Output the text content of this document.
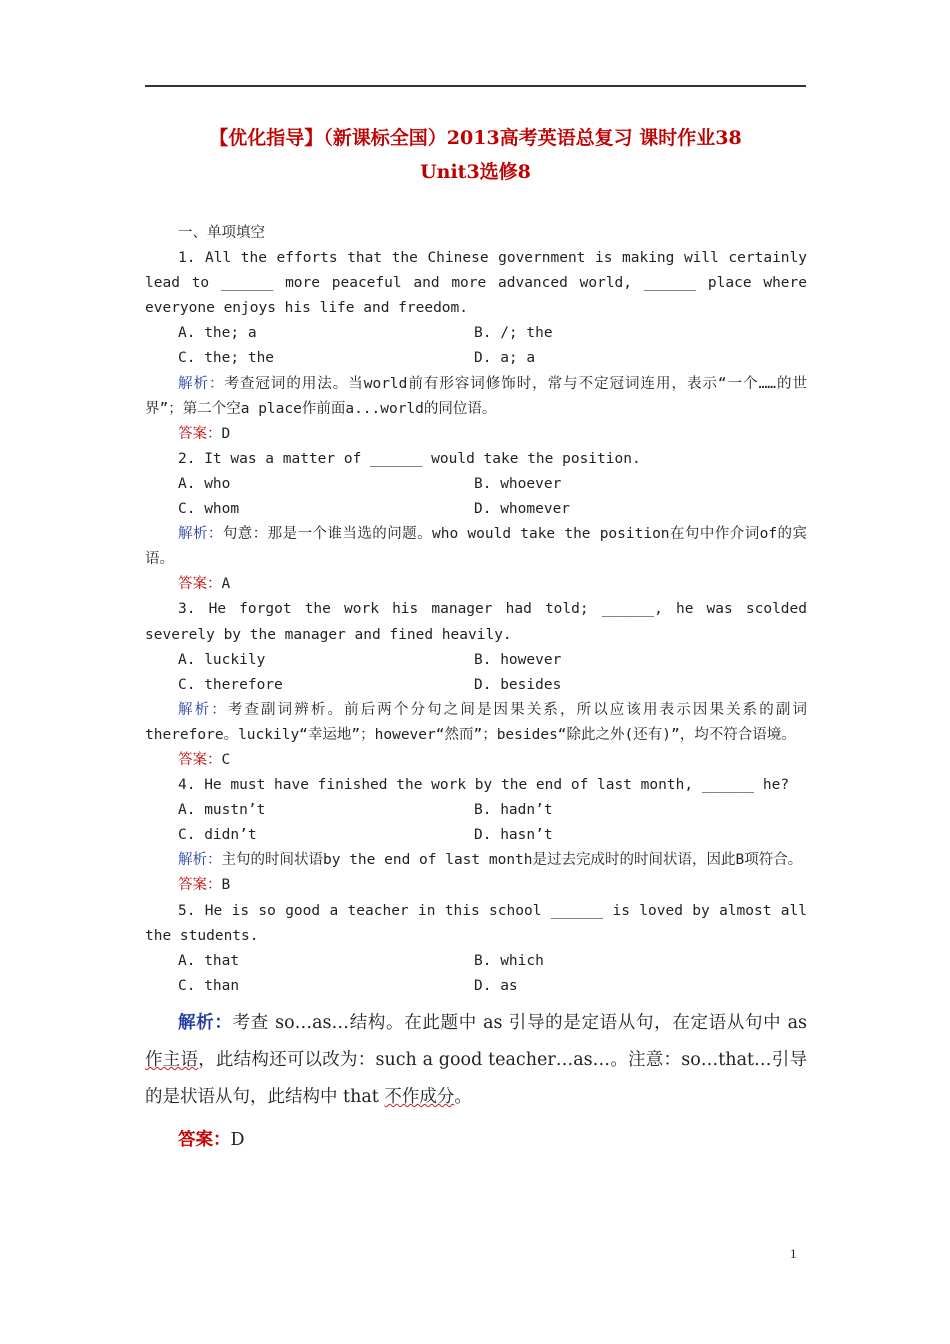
【优化指导】（新课标全国）2013高考英语总复习 课时作业38
Unit3选修8

一、单项填空

1. All the efforts that the Chinese government is making will certainly lead to ______ more peaceful and more advanced world, ______ place where everyone enjoys his life and freedom.

A. the; a	B. /; the
C. the; the	D. a; a

解析：考查冠词的用法。当world前有形容词修饰时，常与不定冠词连用，表示“一个……的世界”；第二个空a place作前面a...world的同位语。

答案：D

2. It was a matter of ______ would take the position.

A. who	B. whoever
C. whom	D. whomever

解析：句意：那是一个谁当选的问题。who would take the position在句中作介词of的宾语。

答案：A

3. He forgot the work his manager had told; ______, he was scolded severely by the manager and fined heavily.

A. luckily	B. however
C. therefore	D. besides

解析：考查副词辨析。前后两个分句之间是因果关系，所以应该用表示因果关系的副词therefore。luckily“幸运地”；however“然而”；besides“除此之外(还有)”，均不符合语境。

答案：C

4. He must have finished the work by the end of last month, ______ he?

A. mustn’t	B. hadn’t
C. didn’t	D. hasn’t

解析：主句的时间状语by the end of last month是过去完成时的时间状语，因此B项符合。

答案：B

5. He is so good a teacher in this school ______ is loved by almost all the students.

A. that	B. which
C. than	D. as

解析：考查 so…as…结构。在此题中 as 引导的是定语从句，在定语从句中 as 作主语，此结构还可以改为：such a good teacher…as…。注意：so…that…引导的是状语从句，此结构中 that 不作成分。

答案：D

1
